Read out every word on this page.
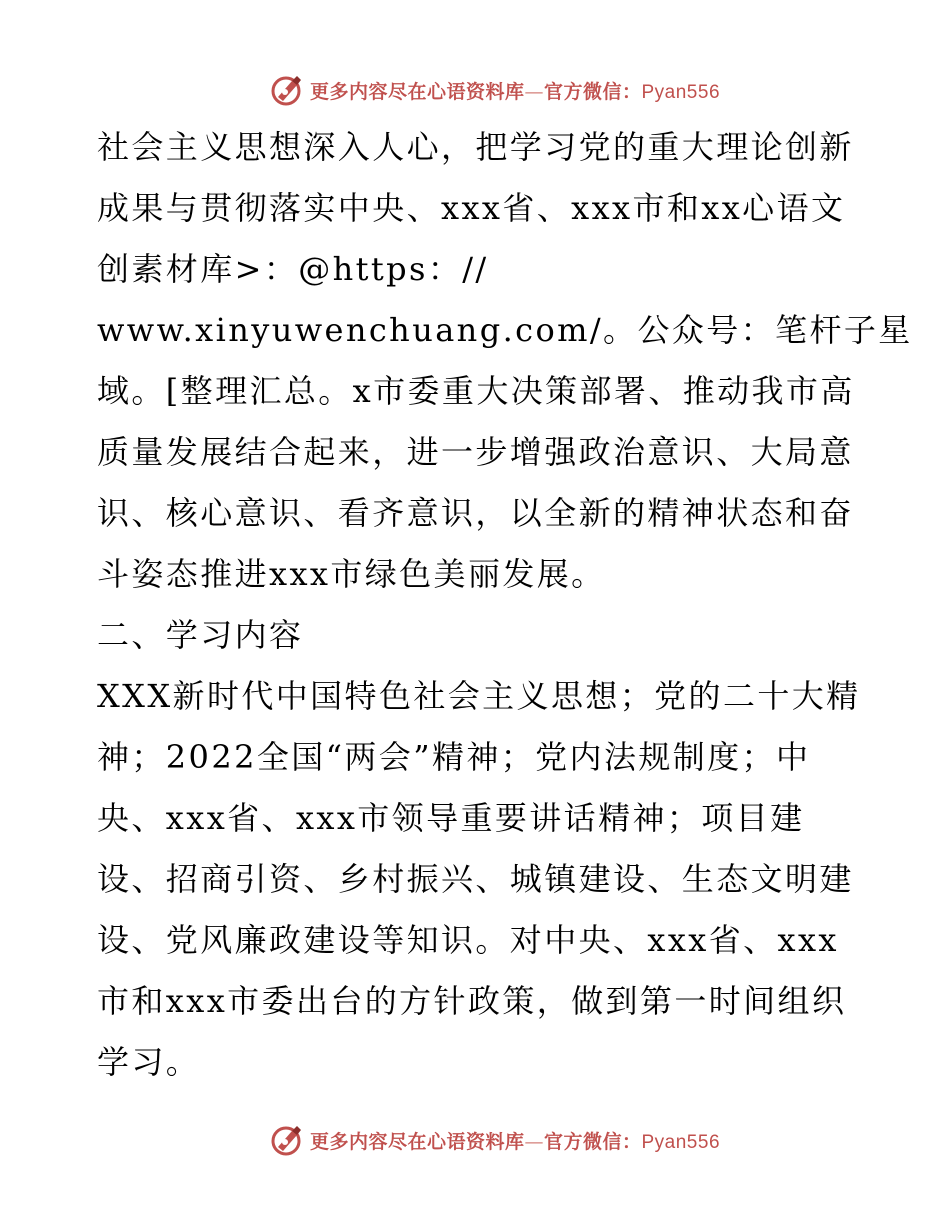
更多内容尽在心语资料库—官方微信：Pyan556
社会主义思想深入人心，把学习党的重大理论创新
成果与贯彻落实中央、xxx省、xxx市和xx心语文
创素材库>：@https：//
www.xinyuwenchuang.com/。公众号：笔杆子星
域。[整理汇总。x市委重大决策部署、推动我市高
质量发展结合起来，进一步增强政治意识、大局意
识、核心意识、看齐意识，以全新的精神状态和奋
斗姿态推进xxx市绿色美丽发展。
二、学习内容
XXX新时代中国特色社会主义思想；党的二十大精
神；2022全国“两会”精神；党内法规制度；中
央、xxx省、xxx市领导重要讲话精神；项目建
设、招商引资、乡村振兴、城镇建设、生态文明建
设、党风廉政建设等知识。对中央、xxx省、xxx
市和xxx市委出台的方针政策，做到第一时间组织
学习。
更多内容尽在心语资料库—官方微信：Pyan556
